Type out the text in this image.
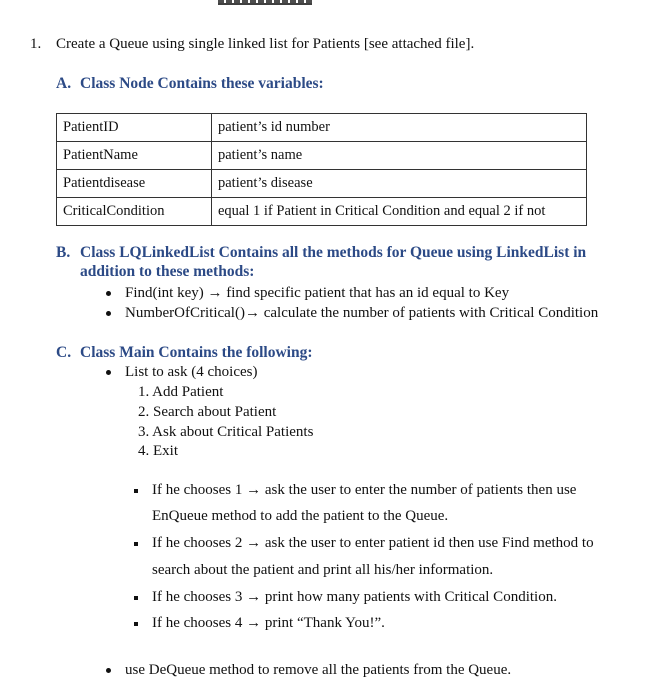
1. Create a Queue using single linked list for Patients [see attached file].
A. Class Node Contains these variables:
PatientID	patient’s id number
PatientName	patient’s name
Patientdisease	patient’s disease
CriticalCondition	equal 1 if Patient in Critical Condition and equal 2 if not
B. Class LQLinkedList Contains all the methods for Queue using LinkedList in
addition to these methods:
Find(int key) → find specific patient that has an id equal to Key
NumberOfCritical()→ calculate the number of patients with Critical Condition
C. Class Main Contains the following:
List to ask (4 choices)
1. Add Patient
2. Search about Patient
3. Ask about Critical Patients
4. Exit
If he chooses 1 → ask the user to enter the number of patients then use
EnQueue method to add the patient to the Queue.
If he chooses 2 → ask the user to enter patient id then use Find method to
search about the patient and print all his/her information.
If he chooses 3 → print how many patients with Critical Condition.
If he chooses 4 → print “Thank You!”.
use DeQueue method to remove all the patients from the Queue.
